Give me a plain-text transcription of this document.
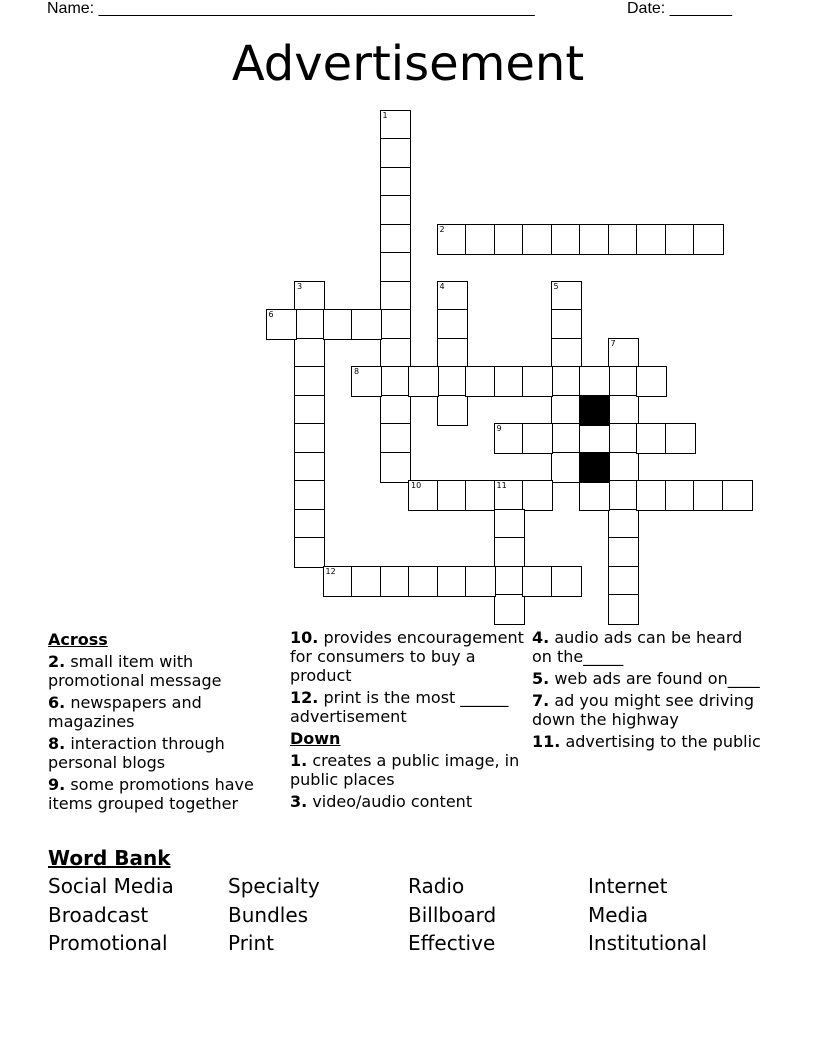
Name: _________________________________________________	Date: _______
Advertisement
1
2
3
6
4	5
7
8
9
10	11
12
Across
2. small item with promotional message
6. newspapers and magazines
8. interaction through personal blogs
9. some promotions have items grouped together
10. provides encouragement for consumers to buy a product
12. print is the most ______ advertisement
Down
1. creates a public image, in public places
3. video/audio content
4. audio ads can be heard on the_____
5. web ads are found on____
7. ad you might see driving down the highway
11. advertising to the public
Word Bank
Social Media	Specialty	Radio	Internet
Broadcast	Bundles	Billboard	Media
Promotional	Print	Effective	Institutional
